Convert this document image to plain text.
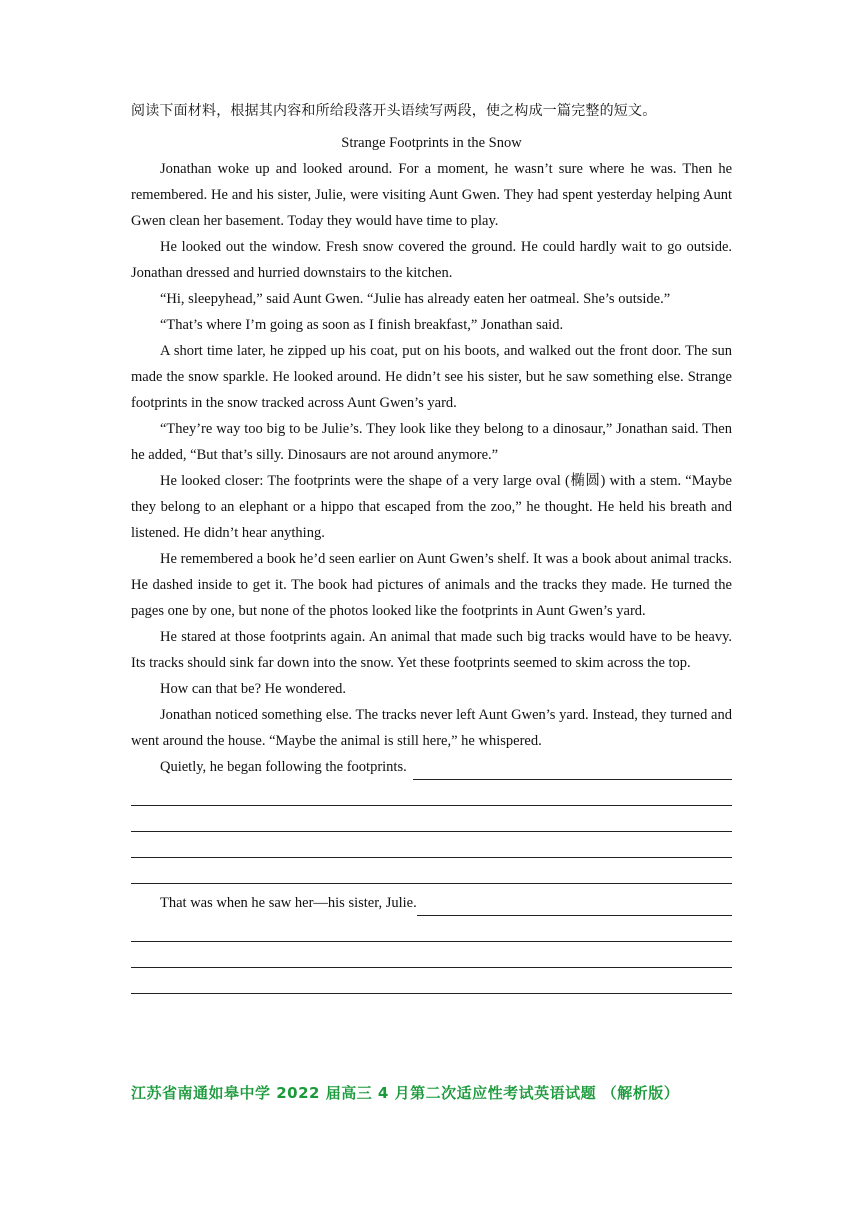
阅读下面材料，根据其内容和所给段落开头语续写两段，使之构成一篇完整的短文。

Strange Footprints in the Snow

Jonathan woke up and looked around. For a moment, he wasn’t sure where he was. Then he remembered. He and his sister, Julie, were visiting Aunt Gwen. They had spent yesterday helping Aunt Gwen clean her basement. Today they would have time to play.

He looked out the window. Fresh snow covered the ground. He could hardly wait to go outside. Jonathan dressed and hurried downstairs to the kitchen.

“Hi, sleepyhead,” said Aunt Gwen. “Julie has already eaten her oatmeal. She’s outside.”

“That’s where I’m going as soon as I finish breakfast,” Jonathan said.

A short time later, he zipped up his coat, put on his boots, and walked out the front door. The sun made the snow sparkle. He looked around. He didn’t see his sister, but he saw something else. Strange footprints in the snow tracked across Aunt Gwen’s yard.

“They’re way too big to be Julie’s. They look like they belong to a dinosaur,” Jonathan said. Then he added, “But that’s silly. Dinosaurs are not around anymore.”

He looked closer: The footprints were the shape of a very large oval (椭圆) with a stem. “Maybe they belong to an elephant or a hippo that escaped from the zoo,” he thought. He held his breath and listened. He didn’t hear anything.

He remembered a book he’d seen earlier on Aunt Gwen’s shelf. It was a book about animal tracks. He dashed inside to get it. The book had pictures of animals and the tracks they made. He turned the pages one by one, but none of the photos looked like the footprints in Aunt Gwen’s yard.

He stared at those footprints again. An animal that made such big tracks would have to be heavy. Its tracks should sink far down into the snow. Yet these footprints seemed to skim across the top.

How can that be? He wondered.

Jonathan noticed something else. The tracks never left Aunt Gwen’s yard. Instead, they turned and went around the house. “Maybe the animal is still here,” he whispered.

Quietly, he began following the footprints.
That was when he saw her—his sister, Julie.
江苏省南通如皋中学 2022 届高三 4 月第二次适应性考试英语试题 （解析版）
